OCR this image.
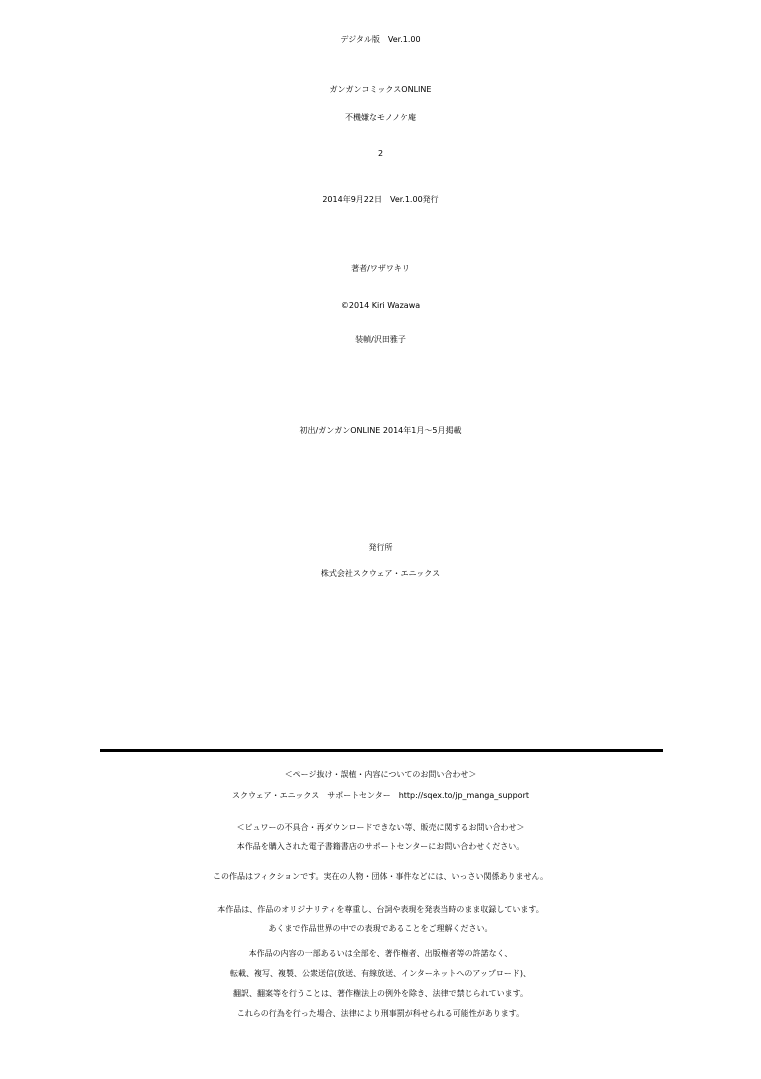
デジタル版　Ver.1.00
ガンガンコミックスONLINE
不機嫌なモノノケ庵
2
2014年9月22日　Ver.1.00発行
著者/ワザワキリ
©2014 Kiri Wazawa
装幀/沢田雅子
初出/ガンガンONLINE 2014年1月～5月掲載
発行所
株式会社スクウェア・エニックス
＜ページ抜け・誤植・内容についてのお問い合わせ＞
スクウェア・エニックス　サポートセンター　http://sqex.to/jp_manga_support
＜ビュワーの不具合・再ダウンロードできない等、販売に関するお問い合わせ＞
本作品を購入された電子書籍書店のサポートセンターにお問い合わせください。
この作品はフィクションです。実在の人物・団体・事件などには、いっさい関係ありません。
本作品は、作品のオリジナリティを尊重し、台詞や表現を発表当時のまま収録しています。
あくまで作品世界の中での表現であることをご理解ください。
本作品の内容の一部あるいは全部を、著作権者、出版権者等の許諾なく、
転載、複写、複製、公衆送信(放送、有線放送、インターネットへのアップロード)、
翻訳、翻案等を行うことは、著作権法上の例外を除き、法律で禁じられています。
これらの行為を行った場合、法律により刑事罰が科せられる可能性があります。
